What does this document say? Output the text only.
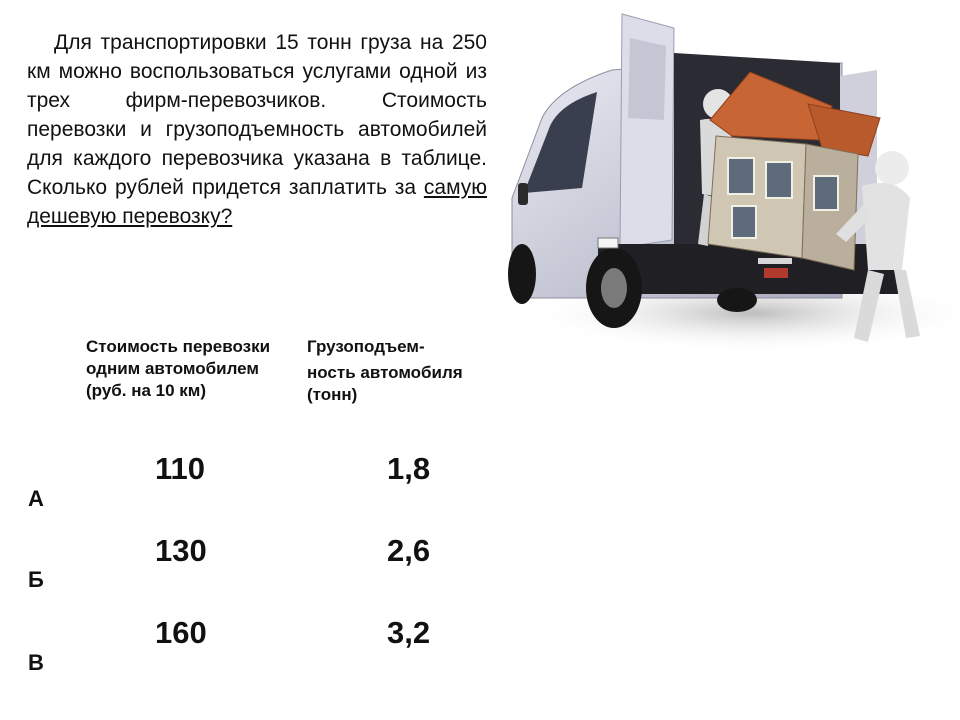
Для транспортировки 15 тонн груза на 250 км можно воспользоваться услугами одной из трех фирм-перевозчиков. Стоимость перевозки и грузоподъемность автомобилей для каждого перевозчика указана в таблице. Сколько рублей придется заплатить за самую дешевую перевозку?

Стоимость перевозки одним автомобилем (руб. на 10 км)
Грузоподъем-
ность автомобиля (тонн)
А
110	1,8
Б
130	2,6
В
160	3,2
